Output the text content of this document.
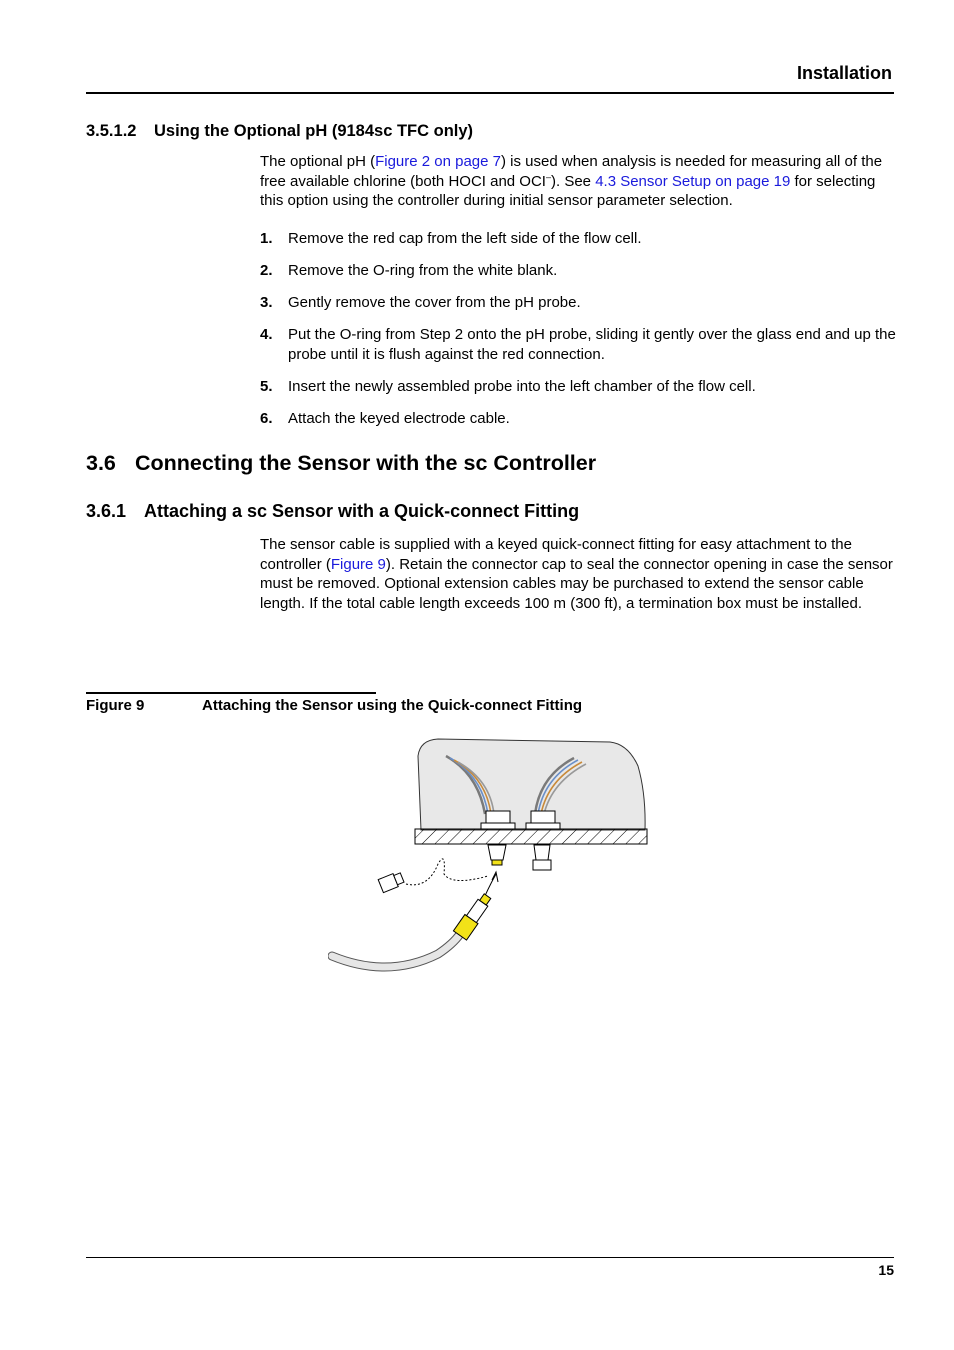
Installation
3.5.1.2 Using the Optional pH (9184sc TFC only)
The optional pH (Figure 2 on page 7) is used when analysis is needed for measuring all of the free available chlorine (both HOCI and OCI–). See 4.3 Sensor Setup on page 19 for selecting this option using the controller during initial sensor parameter selection.
1. Remove the red cap from the left side of the flow cell.
2. Remove the O-ring from the white blank.
3. Gently remove the cover from the pH probe.
4. Put the O-ring from Step 2 onto the pH probe, sliding it gently over the glass end and up the probe until it is flush against the red connection.
5. Insert the newly assembled probe into the left chamber of the flow cell.
6. Attach the keyed electrode cable.
3.6 Connecting the Sensor with the sc Controller
3.6.1 Attaching a sc Sensor with a Quick-connect Fitting
The sensor cable is supplied with a keyed quick-connect fitting for easy attachment to the controller (Figure 9). Retain the connector cap to seal the connector opening in case the sensor must be removed. Optional extension cables may be purchased to extend the sensor cable length. If the total cable length exceeds 100 m (300 ft), a termination box must be installed.
Figure 9	Attaching the Sensor using the Quick-connect Fitting
15
